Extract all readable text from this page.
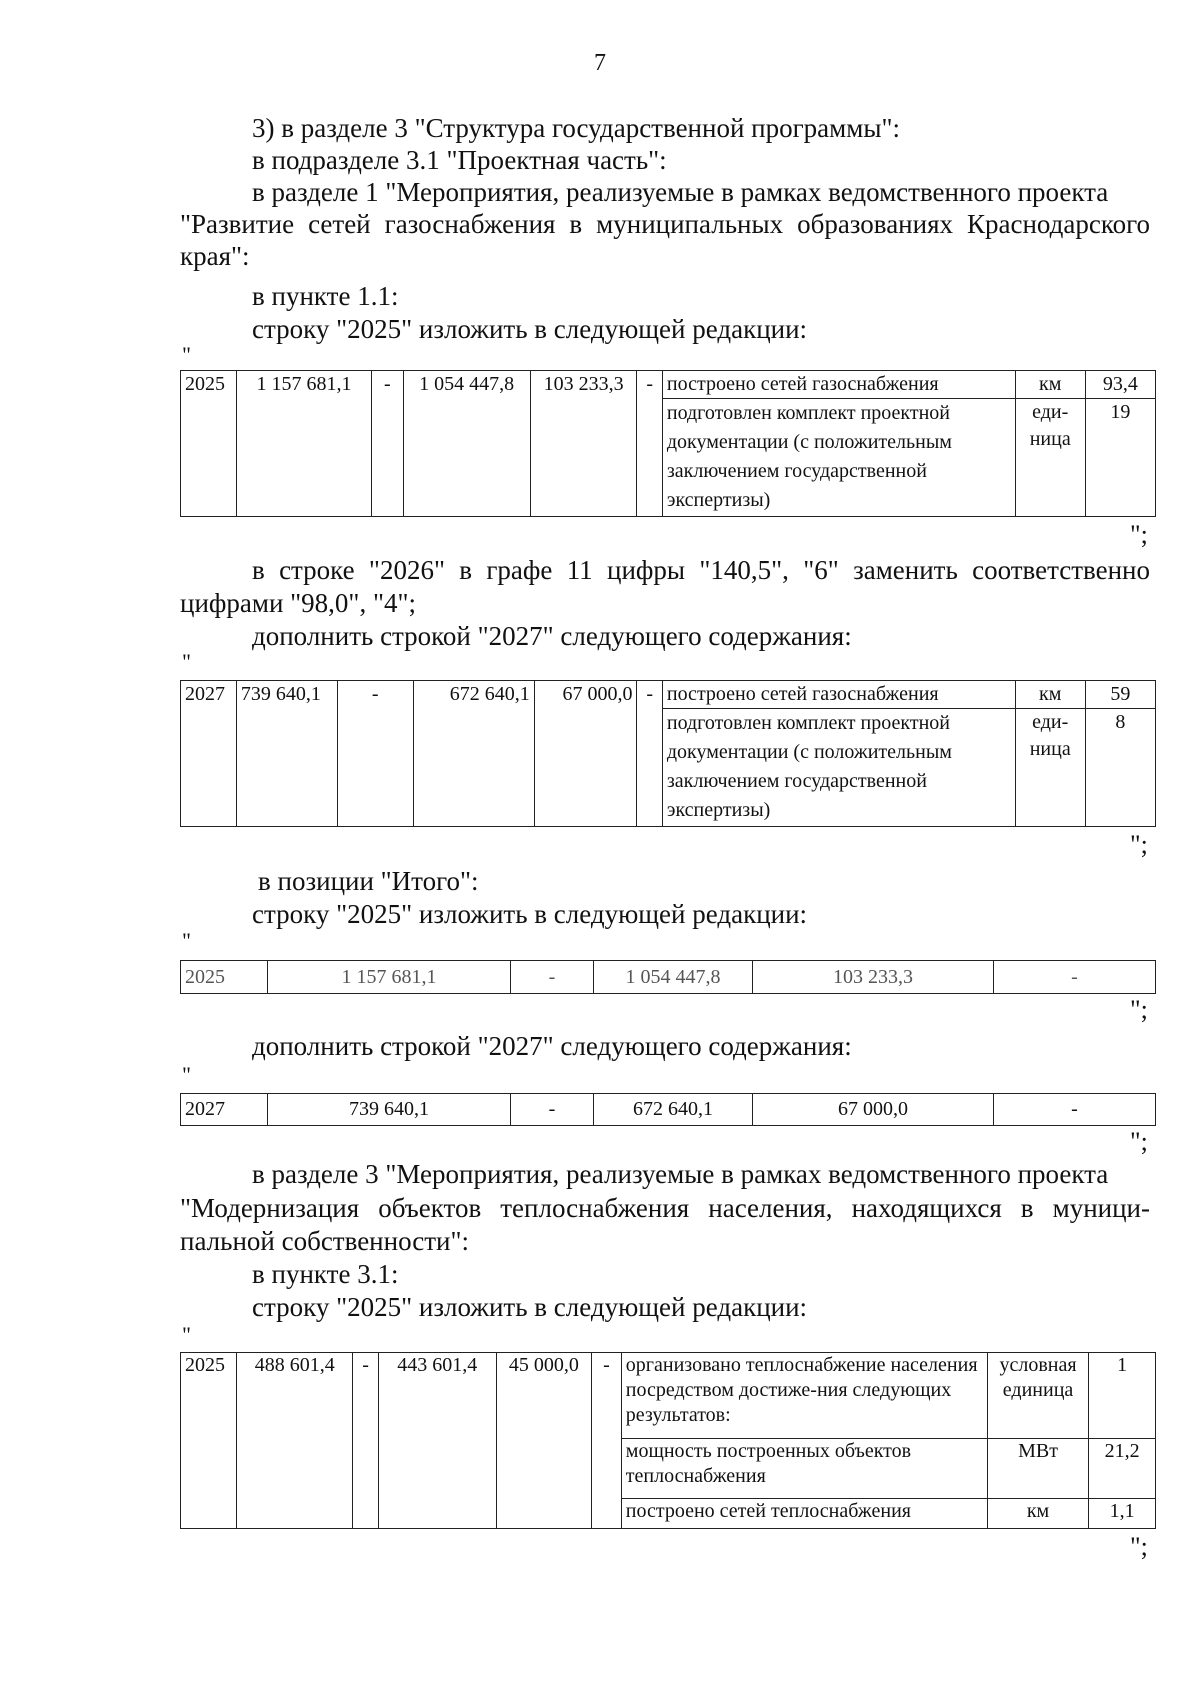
7
3) в разделе 3 "Структура государственной программы":
в подразделе 3.1 "Проектная часть":
в разделе 1 "Мероприятия, реализуемые в рамках ведомственного проекта
"Развитие сетей газоснабжения в муниципальных образованиях Краснодарского
края":
в пункте 1.1:
строку "2025" изложить в следующей редакции:
"
2025	1 157 681,1	-	1 054 447,8	103 233,3	-	построено сетей газоснабжения	км	93,4
						подготовлен комплект проектной документации (с положительным заключением государственной экспертизы)	еди-ница	19
";
в строке "2026" в графе 11 цифры "140,5", "6" заменить соответственно
цифрами "98,0", "4";
дополнить строкой "2027" следующего содержания:
"
2027	739 640,1	-	672 640,1	67 000,0	-	построено сетей газоснабжения	км	59
						подготовлен комплект проектной документации (с положительным заключением государственной экспертизы)	еди-ница	8
";
в позиции "Итого":
строку "2025" изложить в следующей редакции:
"
2025	1 157 681,1	-	1 054 447,8	103 233,3	-
";
дополнить строкой "2027" следующего содержания:
"
2027	739 640,1	-	672 640,1	67 000,0	-
";
в разделе 3 "Мероприятия, реализуемые в рамках ведомственного проекта
"Модернизация объектов теплоснабжения населения, находящихся в муници-
пальной собственности":
в пункте 3.1:
строку "2025" изложить в следующей редакции:
"
2025	488 601,4	-	443 601,4	45 000,0	-	организовано теплоснабжение населения посредством достиже-ния следующих результатов:	условная единица	1
						мощность построенных объектов теплоснабжения	МВт	21,2
						построено сетей теплоснабжения	км	1,1
";
